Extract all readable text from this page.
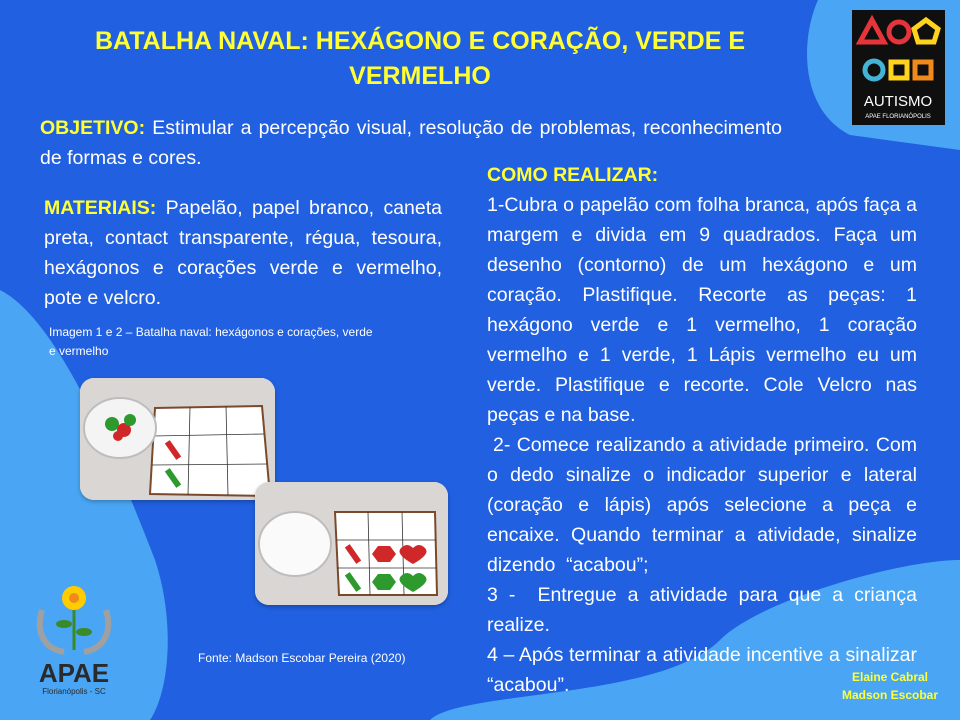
BATALHA NAVAL: HEXÁGONO E CORAÇÃO, VERDE E VERMELHO
OBJETIVO: Estimular a percepção visual, resolução de problemas, reconhecimento de formas e cores.
MATERIAIS: Papelão, papel branco, caneta preta, contact transparente, régua, tesoura, hexágonos e corações verde e vermelho, pote e velcro.

COMO REALIZAR:

1-Cubra o papelão com folha branca, após faça a margem e divida em 9 quadrados. Faça um desenho (contorno) de um hexágono e um coração. Plastifique. Recorte as peças: 1 hexágono verde e 1 vermelho, 1 coração vermelho e 1 verde, 1 Lápis vermelho eu um verde. Plastifique e recorte. Cole Velcro nas peças e na base.

2- Comece realizando a atividade primeiro. Com o dedo sinalize o indicador superior e lateral (coração e lápis) após selecione a peça e encaixe. Quando terminar a atividade, sinalize dizendo  “acabou”;

3 -  Entregue a atividade para que a criança realize.

4 – Após terminar a atividade incentive a sinalizar “acabou”.

Imagem 1 e 2 – Batalha naval: hexágonos e corações, verde e vermelho
Fonte: Madson Escobar Pereira (2020)
Elaine Cabral
Madson Escobar
AUTISMO
APAE FLORIANÓPOLIS
APAE
Florianópolis - SC
